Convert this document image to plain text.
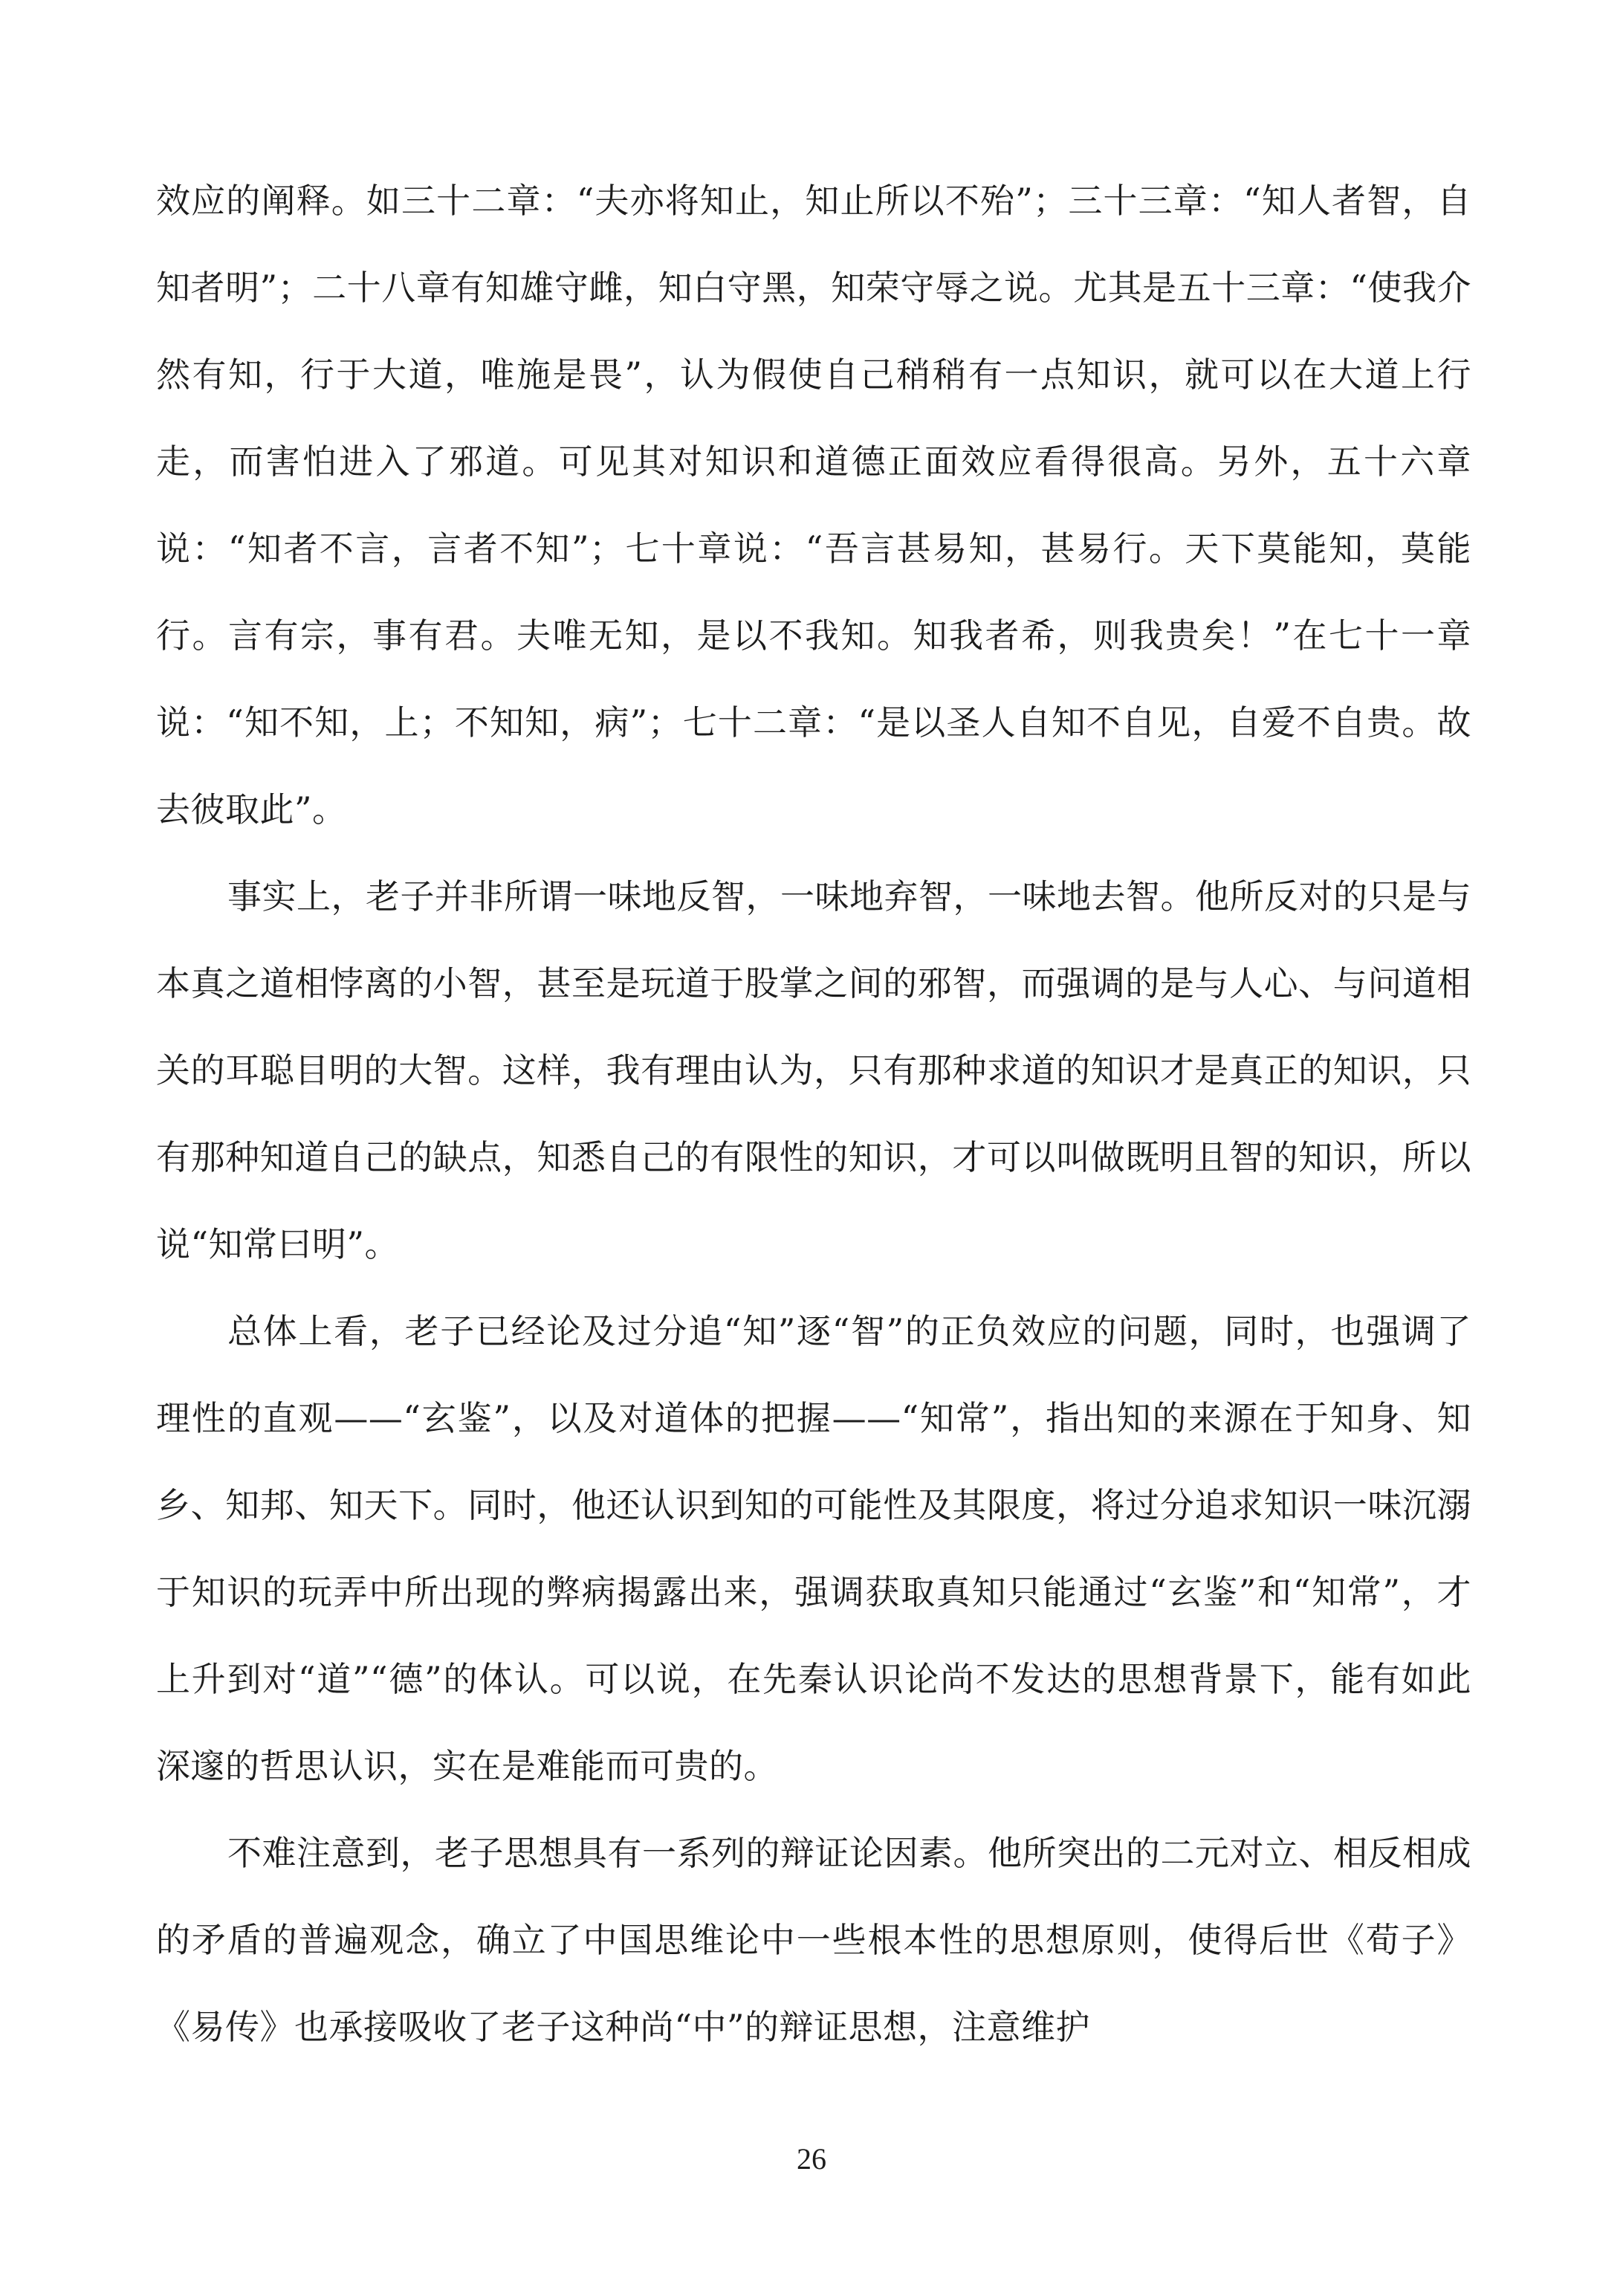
效应的阐释。如三十二章：“夫亦将知止，知止所以不殆”；三十三章：“知人者智，自知者明”；二十八章有知雄守雌，知白守黑，知荣守辱之说。尤其是五十三章：“使我介然有知，行于大道，唯施是畏”，认为假使自己稍稍有一点知识，就可以在大道上行走，而害怕进入了邪道。可见其对知识和道德正面效应看得很高。另外，五十六章说：“知者不言，言者不知”；七十章说：“吾言甚易知，甚易行。天下莫能知，莫能行。言有宗，事有君。夫唯无知，是以不我知。知我者希，则我贵矣！”在七十一章说：“知不知，上；不知知，病”；七十二章：“是以圣人自知不自见，自爱不自贵。故去彼取此”。

事实上，老子并非所谓一味地反智，一味地弃智，一味地去智。他所反对的只是与本真之道相悖离的小智，甚至是玩道于股掌之间的邪智，而强调的是与人心、与问道相关的耳聪目明的大智。这样，我有理由认为，只有那种求道的知识才是真正的知识，只有那种知道自己的缺点，知悉自己的有限性的知识，才可以叫做既明且智的知识，所以说“知常曰明”。

总体上看，老子已经论及过分追“知”逐“智”的正负效应的问题，同时，也强调了理性的直观——“玄鉴”，以及对道体的把握——“知常”，指出知的来源在于知身、知乡、知邦、知天下。同时，他还认识到知的可能性及其限度，将过分追求知识一味沉溺于知识的玩弄中所出现的弊病揭露出来，强调获取真知只能通过“玄鉴”和“知常”，才上升到对“道”“德”的体认。可以说，在先秦认识论尚不发达的思想背景下，能有如此深邃的哲思认识，实在是难能而可贵的。

不难注意到，老子思想具有一系列的辩证论因素。他所突出的二元对立、相反相成的矛盾的普遍观念，确立了中国思维论中一些根本性的思想原则，使得后世《荀子》《易传》也承接吸收了老子这种尚“中”的辩证思想，注意维护

26
